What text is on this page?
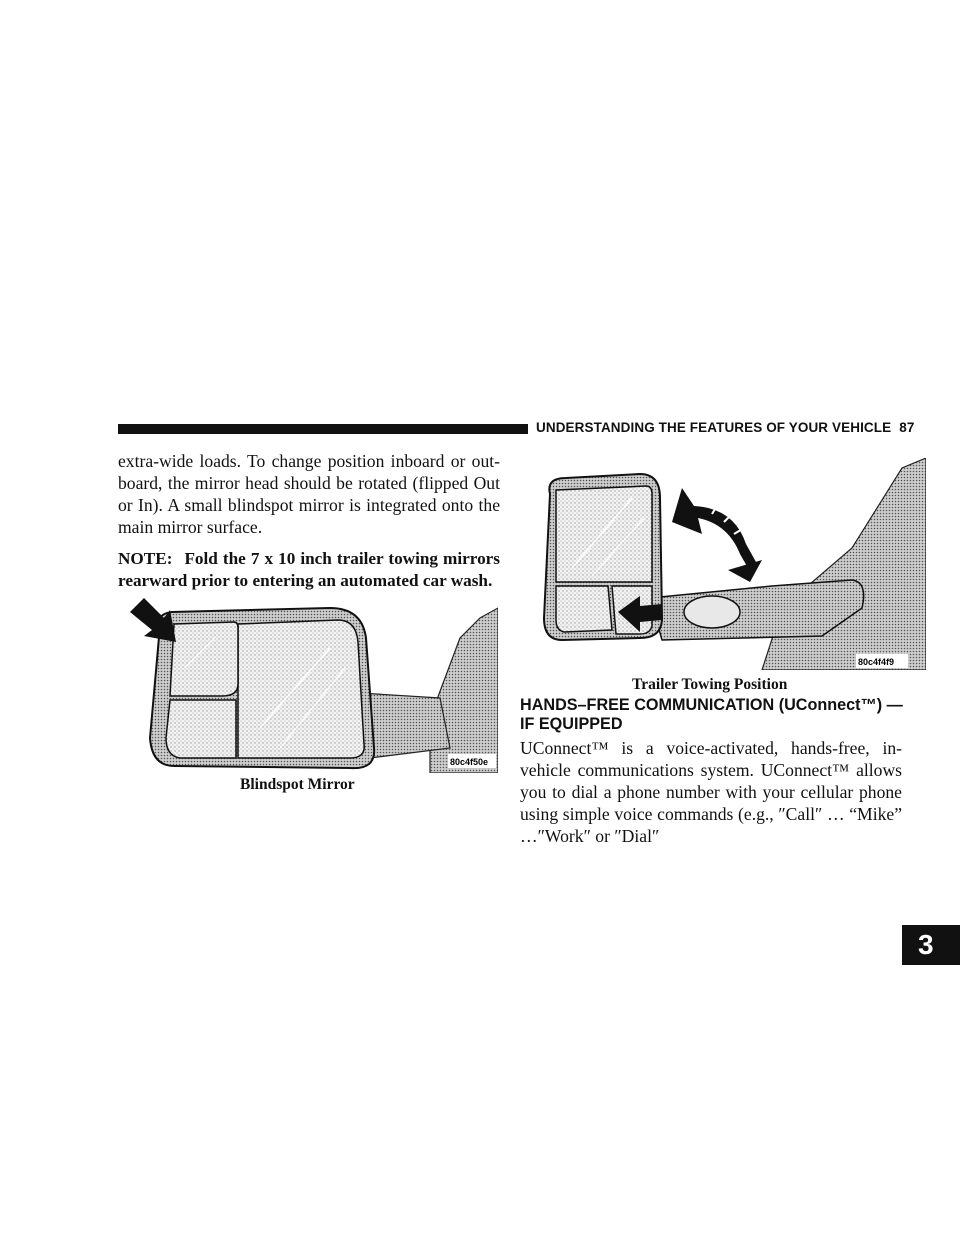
UNDERSTANDING THE FEATURES OF YOUR VEHICLE 87
3

extra-wide loads. To change position inboard or out-board, the mirror head should be rotated (flipped Out or In). A small blindspot mirror is integrated onto the main mirror surface.

NOTE: Fold the 7 x 10 inch trailer towing mirrors rearward prior to entering an automated car wash.

80c4f50e
Blindspot Mirror
80c4f4f9
Trailer Towing Position
HANDS–FREE COMMUNICATION (UConnect™) — IF EQUIPPED

UConnect™ is a voice-activated, hands-free, in- vehicle communications system. UConnect™ allows you to dial a phone number with your cellular phone using simple voice commands (e.g., ″Call″ … “Mike” …″Work″ or ″Dial″
